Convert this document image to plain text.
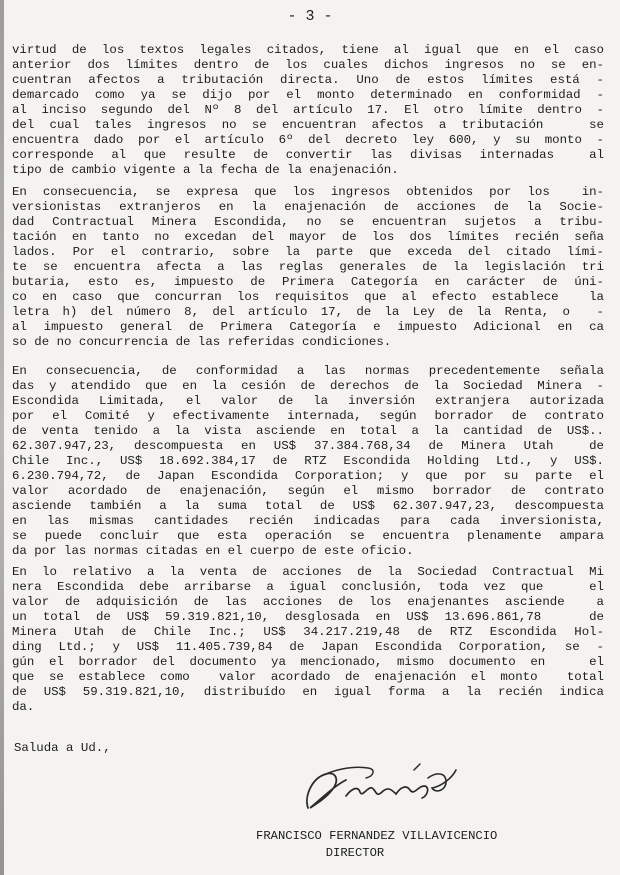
- 3 -
virtud de los textos legales citados, tiene al igual que en el caso
anterior dos límites dentro de los cuales dichos ingresos no se en-
cuentran afectos a tributación directa. Uno de estos límites está -
demarcado como ya se dijo por el monto determinado en conformidad -
al inciso segundo del Nº 8 del artículo 17. El otro límite dentro -
del cual tales ingresos no se encuentran afectos a tributación   se
encuentra dado por el artículo 6º del decreto ley 600, y su monto -
corresponde al que resulte de convertir las divisas internadas  al
tipo de cambio vigente a la fecha de la enajenación.
En consecuencia, se expresa que los ingresos obtenidos por los  in-
versionistas extranjeros en la enajenación de acciones de la Socie-
dad Contractual Minera Escondida, no se encuentran sujetos a tribu-
tación en tanto no excedan del mayor de los dos límites recién seña
lados. Por el contrario, sobre la parte que exceda del citado lími-
te se encuentra afecta a las reglas generales de la legislación tri
butaria, esto es, impuesto de Primera Categoría en carácter de úni-
co en caso que concurran los requisitos que al efecto establece  la
letra h) del número 8, del artículo 17, de la Ley de la Renta, o  -
al impuesto general de Primera Categoría e impuesto Adicional en ca
so de no concurrencia de las referidas condiciones.
En consecuencia, de conformidad a las normas precedentemente señala
das y atendido que en la cesión de derechos de la Sociedad Minera -
Escondida Limitada, el valor de la inversión extranjera autorizada
por el Comité y efectivamente internada, según borrador de contrato
de venta tenido a la vista asciende en total a la cantidad de US$..
62.307.947,23, descompuesta en US$ 37.384.768,34 de Minera Utah  de
Chile Inc., US$ 18.692.384,17 de RTZ Escondida Holding Ltd., y US$.
6.230.794,72, de Japan Escondida Corporation; y que por su parte el
valor acordado de enajenación, según el mismo borrador de contrato
asciende también a la suma total de US$ 62.307.947,23, descompuesta
en las mismas cantidades recién indicadas para cada inversionista,
se puede concluir que esta operación se encuentra plenamente ampara
da por las normas citadas en el cuerpo de este oficio.
En lo relativo a la venta de acciones de la Sociedad Contractual Mi
nera Escondida debe arribarse a igual conclusión, toda vez que   el
valor de adquisición de las acciones de los enajenantes asciende  a
un total de US$ 59.319.821,10, desglosada en US$ 13.696.861,78   de
Minera Utah de Chile Inc.; US$ 34.217.219,48 de RTZ Escondida Hol-
ding Ltd.; y US$ 11.405.739,84 de Japan Escondida Corporation, se -
gún el borrador del documento ya mencionado, mismo documento en   el
que se establece como  valor acordado de enajenación el monto  total
de US$ 59.319.821,10, distribuído en igual forma a la recién indica
da.
Saluda a Ud.,
FRANCISCO FERNANDEZ VILLAVICENCIO
DIRECTOR
